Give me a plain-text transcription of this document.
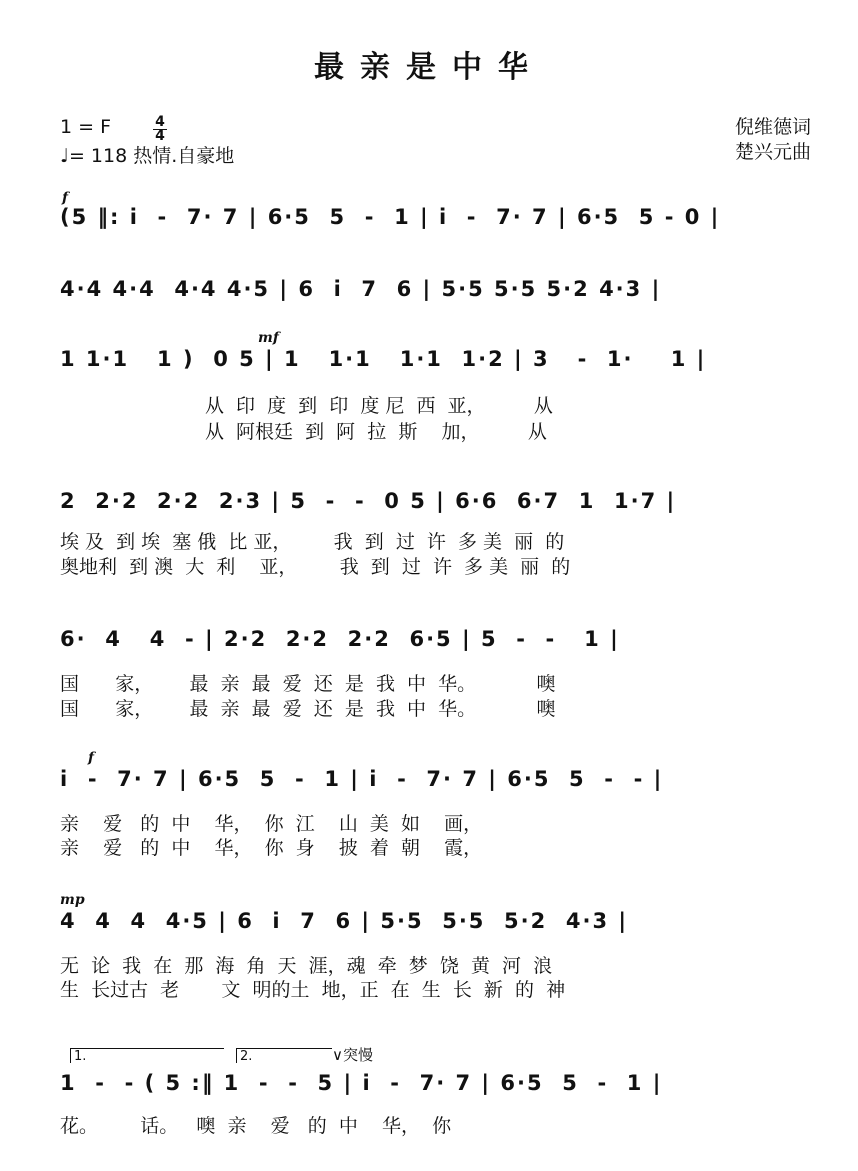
最亲是中华
1 = F	4
4
♩= 118 热情.自豪地
倪维德词
楚兴元曲
f
(5 ‖: i  -  7· 7 | 6·5  5  -  1 | i  -  7· 7 | 6·5  5 - 0 |
4·4 4·4  4·4 4·5 | 6  i  7  6 | 5·5 5·5 5·2 4·3 |
mf
1 1·1   1 )  0 5 | 1   1·1   1·1  1·2 | 3   -  1·    1 |
从  印  度  到  印  度 尼  西  亚，        从
从  阿根廷  到  阿  拉  斯    加，        从
2  2·2  2·2  2·3 | 5  -  -  0 5 | 6·6  6·7  1  1·7 |
埃 及  到 埃  塞 俄  比 亚，       我  到  过  许  多 美  丽  的
奥地利  到 澳  大  利    亚，       我  到  过  许  多 美  丽  的
6·  4   4  - | 2·2  2·2  2·2  6·5 | 5  -  -   1 |
国      家，      最  亲  最  爱  还  是  我  中  华。          噢
国      家，      最  亲  最  爱  还  是  我  中  华。          噢
f
i  -  7· 7 | 6·5  5  -  1 | i  -  7· 7 | 6·5  5  -  - |
亲    爱   的  中    华，  你  江    山  美  如    画，
亲    爱   的  中    华，  你  身    披  着  朝    霞，
mp
4  4  4  4·5 | 6  i  7  6 | 5·5  5·5  5·2  4·3 |
无  论  我  在  那  海  角  天  涯，魂  牵  梦  饶  黄  河  浪
生  长过古  老       文  明的土  地，正  在  生  长  新  的  神
1.	2.	∨突慢
1  -  - ( 5 :‖ 1  -  -  5 | i  -  7· 7 | 6·5  5  -  1 |
花。       话。   噢  亲    爱   的  中    华，  你
